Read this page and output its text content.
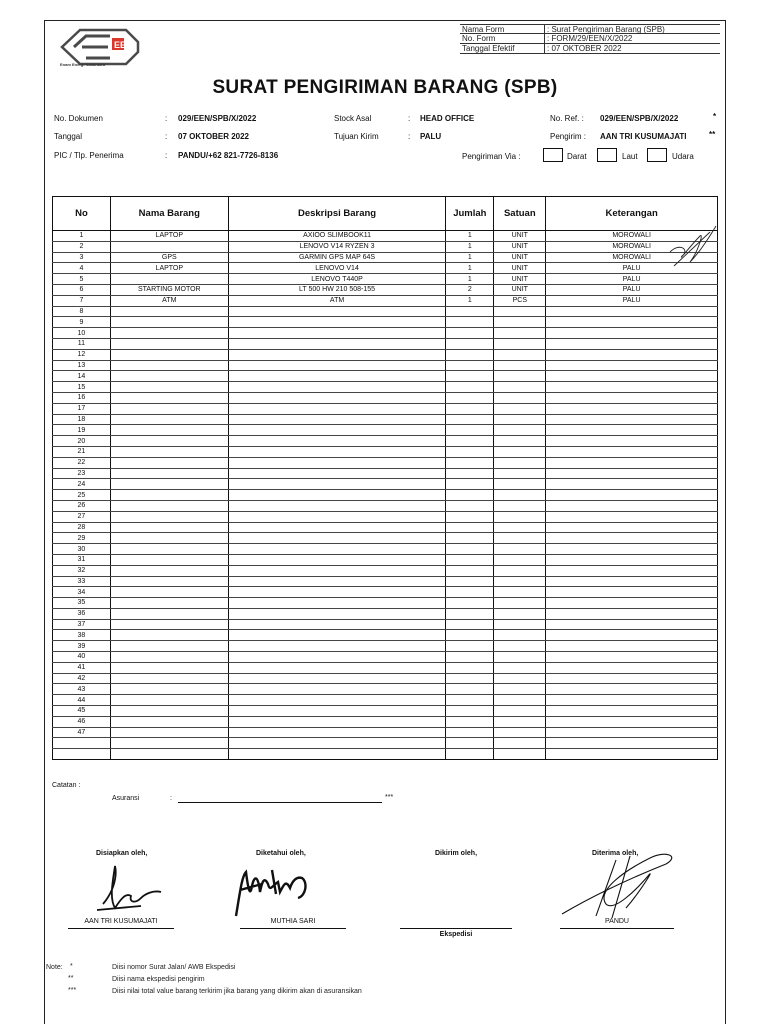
EEN
Enam Energi Nusantara
Nama Form	: Surat Pengiriman Barang (SPB)
No. Form	: FORM/29/EEN/X/2022
Tanggal Efektif	: 07 OKTOBER 2022
SURAT PENGIRIMAN BARANG (SPB)
No. Dokumen	: 029/EEN/SPB/X/2022
Tanggal	: 07 OKTOBER 2022
PIC / Tlp. Penerima	: PANDU/+62 821-7726-8136
Stock Asal	: HEAD OFFICE
Tujuan Kirim	: PALU
No. Ref. : 029/EEN/SPB/X/2022	*
Pengirim : AAN TRI KUSUMAJATI	**
Pengiriman Via :	Darat	Laut	Udara
No	Nama Barang	Deskripsi Barang	Jumlah	Satuan	Keterangan
1	LAPTOP	AXIOO SLIMBOOK11	1	UNIT	MOROWALI
2		LENOVO V14 RYZEN 3	1	UNIT	MOROWALI
3	GPS	GARMIN GPS MAP 64S	1	UNIT	MOROWALI
4	LAPTOP	LENOVO V14	1	UNIT	PALU
5		LENOVO T440P	1	UNIT	PALU
6	STARTING MOTOR	LT 500 HW 210 508-155	2	UNIT	PALU
7	ATM	ATM	1	PCS	PALU
8					
9					
10					
11					
12					
13					
14					
15					
16					
17					
18					
19					
20					
21					
22					
23					
24					
25					
26					
27					
28					
29					
30					
31					
32					
33					
34					
35					
36					
37					
38					
39					
40					
41					
42					
43					
44					
45					
46					
47					

Catatan :
Asuransi	:	***
Disiapkan oleh,	Diketahui oleh,	Dikirim oleh,	Diterima oleh,
AAN TRI KUSUMAJATI	MUTHIA SARI
Ekspedisi
PANDU
Note: *	Diisi nomor Surat Jalan/ AWB Ekspedisi
**	Diisi nama ekspedisi pengirim
***	Diisi nilai total value barang terkirim jika barang yang dikirim akan di asuransikan
